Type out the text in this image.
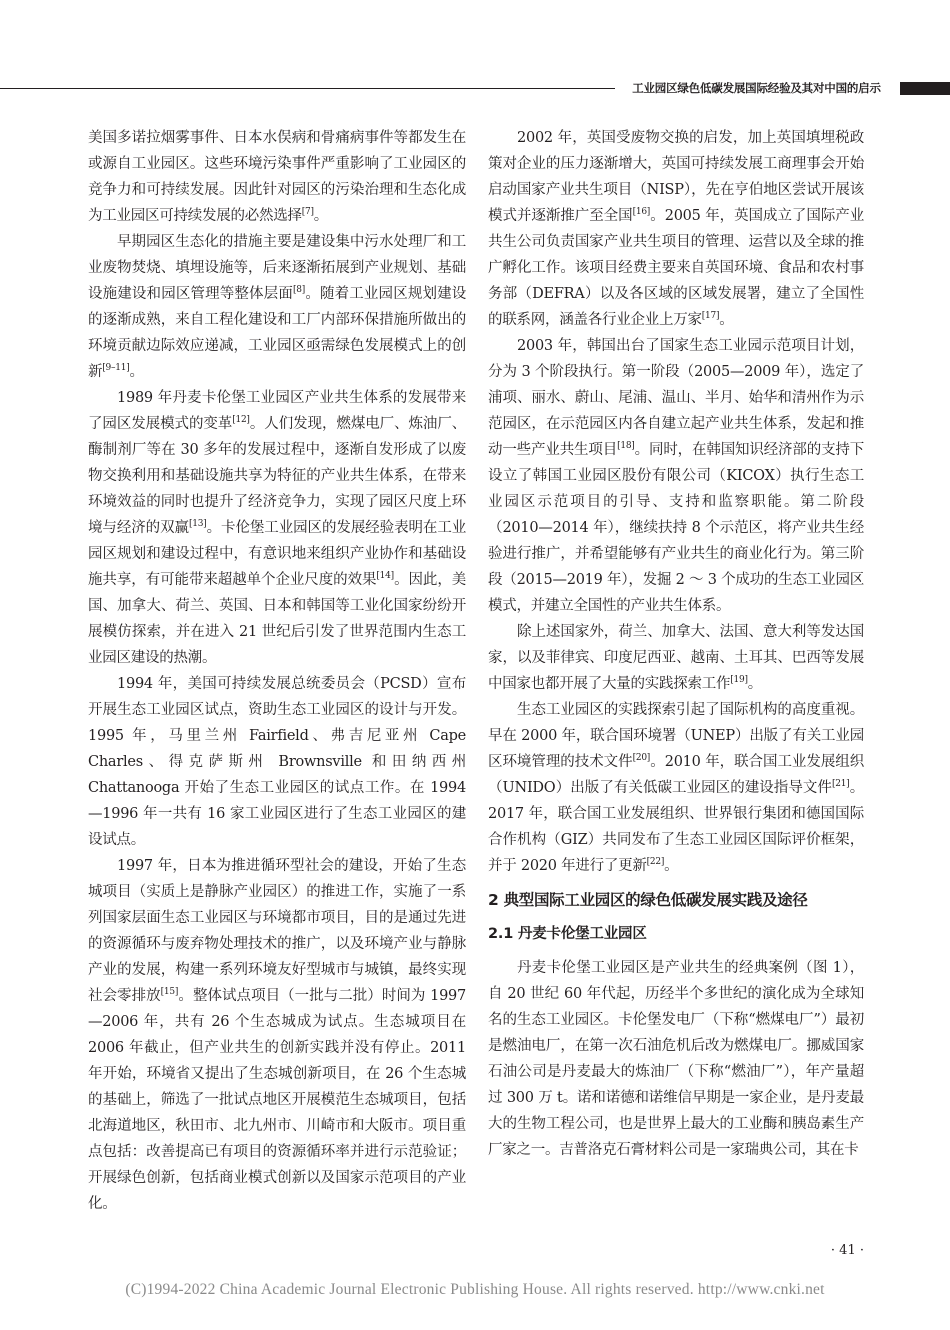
工业园区绿色低碳发展国际经验及其对中国的启示

美国多诺拉烟雾事件、日本水俣病和骨痛病事件等都发生在或源自工业园区。这些环境污染事件严重影响了工业园区的竞争力和可持续发展。因此针对园区的污染治理和生态化成为工业园区可持续发展的必然选择[7]。

早期园区生态化的措施主要是建设集中污水处理厂和工业废物焚烧、填埋设施等，后来逐渐拓展到产业规划、基础设施建设和园区管理等整体层面[8]。随着工业园区规划建设的逐渐成熟，来自工程化建设和工厂内部环保措施所做出的环境贡献边际效应递减，工业园区亟需绿色发展模式上的创新[9–11]。

1989 年丹麦卡伦堡工业园区产业共生体系的发展带来了园区发展模式的变革[12]。人们发现，燃煤电厂、炼油厂、酶制剂厂等在 30 多年的发展过程中，逐渐自发形成了以废物交换利用和基础设施共享为特征的产业共生体系，在带来环境效益的同时也提升了经济竞争力，实现了园区尺度上环境与经济的双赢[13]。卡伦堡工业园区的发展经验表明在工业园区规划和建设过程中，有意识地来组织产业协作和基础设施共享，有可能带来超越单个企业尺度的效果[14]。因此，美国、加拿大、荷兰、英国、日本和韩国等工业化国家纷纷开展模仿探索，并在进入 21 世纪后引发了世界范围内生态工业园区建设的热潮。

1994 年，美国可持续发展总统委员会（PCSD）宣布开展生态工业园区试点，资助生态工业园区的设计与开发。1995 年，马里兰州 Fairfield、弗吉尼亚州 Cape Charles、得克萨斯州 Brownsville 和田纳西州 Chattanooga 开始了生态工业园区的试点工作。在 1994—1996 年一共有 16 家工业园区进行了生态工业园区的建设试点。

1997 年，日本为推进循环型社会的建设，开始了生态城项目（实质上是静脉产业园区）的推进工作，实施了一系列国家层面生态工业园区与环境都市项目，目的是通过先进的资源循环与废弃物处理技术的推广，以及环境产业与静脉产业的发展，构建一系列环境友好型城市与城镇，最终实现社会零排放[15]。整体试点项目（一批与二批）时间为 1997—2006 年，共有 26 个生态城成为试点。生态城项目在 2006 年截止，但产业共生的创新实践并没有停止。2011 年开始，环境省又提出了生态城创新项目，在 26 个生态城的基础上，筛选了一批试点地区开展模范生态城项目，包括北海道地区，秋田市、北九州市、川崎市和大阪市。项目重点包括：改善提高已有项目的资源循环率并进行示范验证；开展绿色创新，包括商业模式创新以及国家示范项目的产业化。

2002 年，英国受废物交换的启发，加上英国填埋税政策对企业的压力逐渐增大，英国可持续发展工商理事会开始启动国家产业共生项目（NISP），先在亨伯地区尝试开展该模式并逐渐推广至全国[16]。2005 年，英国成立了国际产业共生公司负责国家产业共生项目的管理、运营以及全球的推广孵化工作。该项目经费主要来自英国环境、食品和农村事务部（DEFRA）以及各区域的区域发展署，建立了全国性的联系网，涵盖各行业企业上万家[17]。

2003 年，韩国出台了国家生态工业园示范项目计划，分为 3 个阶段执行。第一阶段（2005—2009 年），选定了浦项、丽水、蔚山、尾浦、温山、半月、始华和清州作为示范园区，在示范园区内各自建立起产业共生体系，发起和推动一些产业共生项目[18]。同时，在韩国知识经济部的支持下设立了韩国工业园区股份有限公司（KICOX）执行生态工业园区示范项目的引导、支持和监察职能。第二阶段（2010—2014 年），继续扶持 8 个示范区，将产业共生经验进行推广，并希望能够有产业共生的商业化行为。第三阶段（2015—2019 年），发掘 2 ～ 3 个成功的生态工业园区模式，并建立全国性的产业共生体系。

除上述国家外，荷兰、加拿大、法国、意大利等发达国家，以及菲律宾、印度尼西亚、越南、土耳其、巴西等发展中国家也都开展了大量的实践探索工作[19]。

生态工业园区的实践探索引起了国际机构的高度重视。早在 2000 年，联合国环境署（UNEP）出版了有关工业园区环境管理的技术文件[20]。2010 年，联合国工业发展组织（UNIDO）出版了有关低碳工业园区的建设指导文件[21]。2017 年，联合国工业发展组织、世界银行集团和德国国际合作机构（GIZ）共同发布了生态工业园区国际评价框架，并于 2020 年进行了更新[22]。

2 典型国际工业园区的绿色低碳发展实践及途径
2.1 丹麦卡伦堡工业园区

丹麦卡伦堡工业园区是产业共生的经典案例（图 1），自 20 世纪 60 年代起，历经半个多世纪的演化成为全球知名的生态工业园区。卡伦堡发电厂（下称“燃煤电厂”）最初是燃油电厂，在第一次石油危机后改为燃煤电厂。挪威国家石油公司是丹麦最大的炼油厂（下称“燃油厂”），年产量超过 300 万 t。诺和诺德和诺维信早期是一家企业，是丹麦最大的生物工程公司，也是世界上最大的工业酶和胰岛素生产厂家之一。吉普洛克石膏材料公司是一家瑞典公司，其在卡

· 41 ·
(C)1994-2022 China Academic Journal Electronic Publishing House. All rights reserved. http://www.cnki.net
